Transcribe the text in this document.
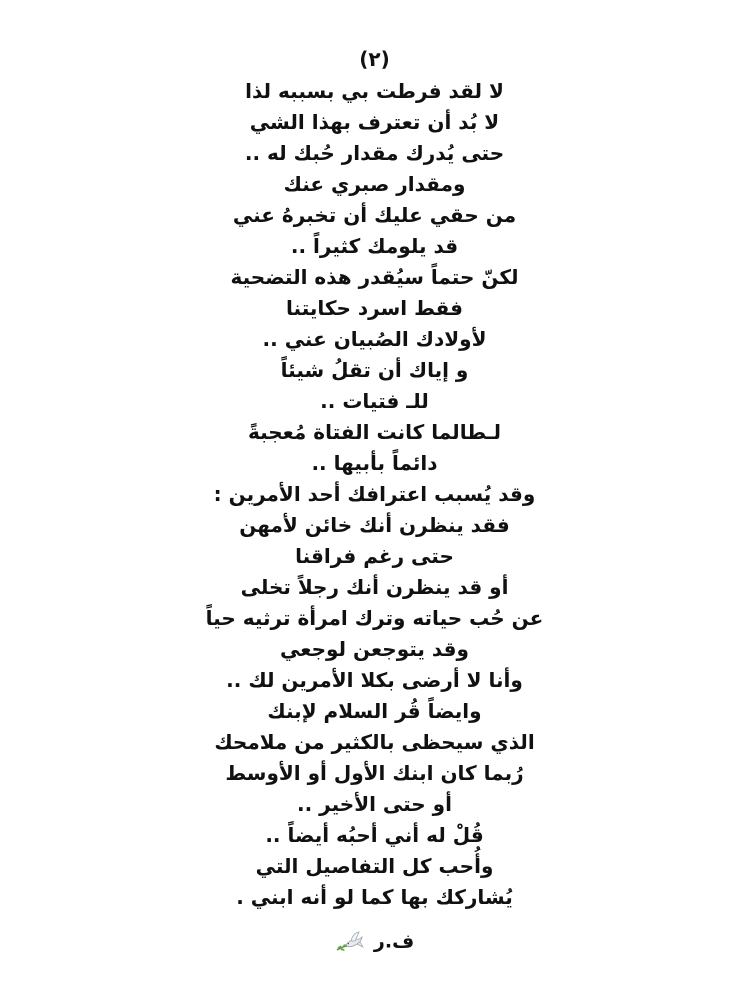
(٢)
لا لقد فرطت بي بسببه لذا
لا بُد أن تعترف بهذا الشي
حتى يُدرك مقدار حُبك له ..
ومقدار صبري عنك
من حقي عليك أن تخبرهُ عني
قد يلومك كثيراً ..
لكنّ حتماً سيُقدر هذه التضحية
فقط اسرد حكايتنا
لأولادك الصُبيان عني ..
و إياك أن تقلُ شيئاً
للـ فتيات ..
لـطالما كانت الفتاة مُعجبةً
دائماً بأبيها ..
وقد يُسبب اعترافك أحد الأمرين :
فقد ينظرن أنك خائن لأمهن
حتى رغم فراقنا
أو قد ينظرن أنك رجلاً تخلى
عن حُب حياته وترك امرأة ترثيه حياً
وقد يتوجعن لوجعي
وأنا لا أرضى بكلا الأمرين لك ..
وايضاً قُر السلام لإبنك
الذي سيحظى بالكثير من ملامحك
رُبما كان ابنك الأول أو الأوسط
أو حتى الأخير ..
قُلْ له أني أحبُه أيضاً ..
وأُحب كل التفاصيل التي
يُشاركك بها كما لو أنه ابني .
ف.ر
